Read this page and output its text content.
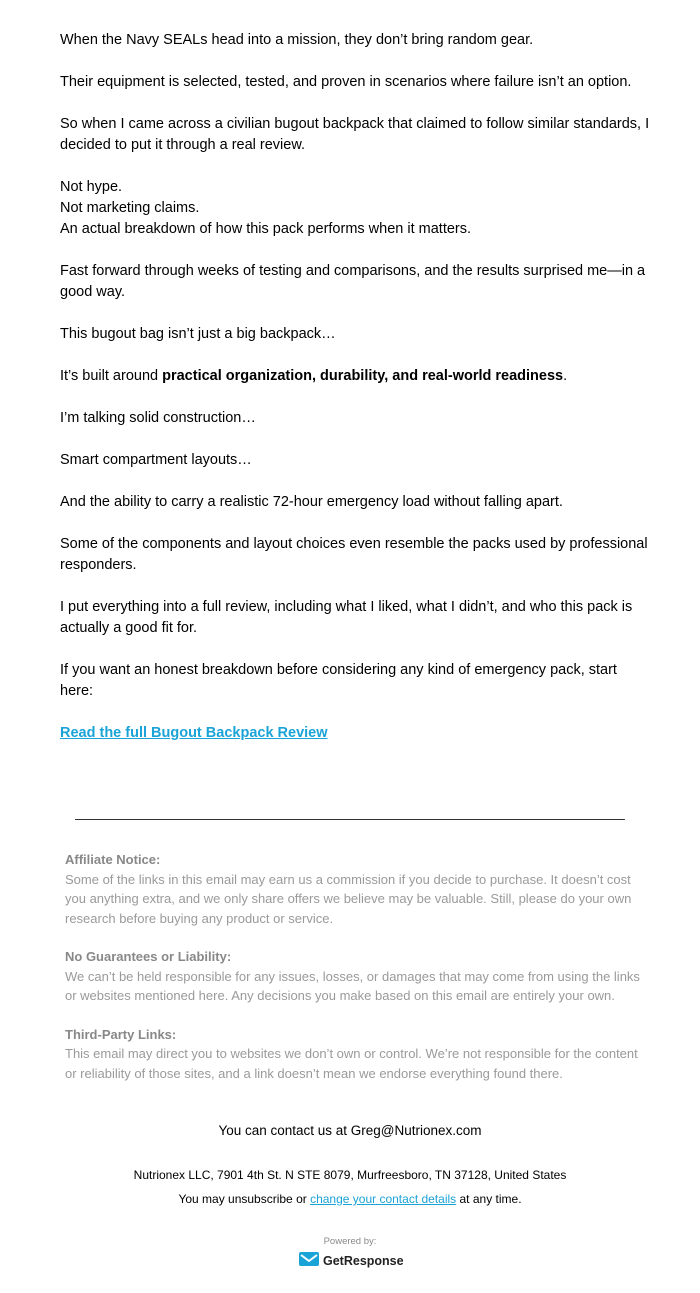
When the Navy SEALs head into a mission, they don’t bring random gear.

Their equipment is selected, tested, and proven in scenarios where failure isn’t an option.

So when I came across a civilian bugout backpack that claimed to follow similar standards, I decided to put it through a real review.

Not hype.

Not marketing claims.

An actual breakdown of how this pack performs when it matters.

Fast forward through weeks of testing and comparisons, and the results surprised me—in a good way.

This bugout bag isn’t just a big backpack…

It’s built around practical organization, durability, and real-world readiness.

I’m talking solid construction…

Smart compartment layouts…

And the ability to carry a realistic 72-hour emergency load without falling apart.

Some of the components and layout choices even resemble the packs used by professional responders.

I put everything into a full review, including what I liked, what I didn’t, and who this pack is actually a good fit for.

If you want an honest breakdown before considering any kind of emergency pack, start here:

Read the full Bugout Backpack Review

Affiliate Notice:
Some of the links in this email may earn us a commission if you decide to purchase. It doesn’t cost you anything extra, and we only share offers we believe may be valuable. Still, please do your own research before buying any product or service.
No Guarantees or Liability:
We can’t be held responsible for any issues, losses, or damages that may come from using the links or websites mentioned here. Any decisions you make based on this email are entirely your own.
Third-Party Links:
This email may direct you to websites we don’t own or control. We’re not responsible for the content or reliability of those sites, and a link doesn’t mean we endorse everything found there.
You can contact us at Greg@Nutrionex.com
Nutrionex LLC, 7901 4th St. N STE 8079, Murfreesboro, TN 37128, United States
You may unsubscribe or change your contact details at any time.
Powered by:
GetResponse
